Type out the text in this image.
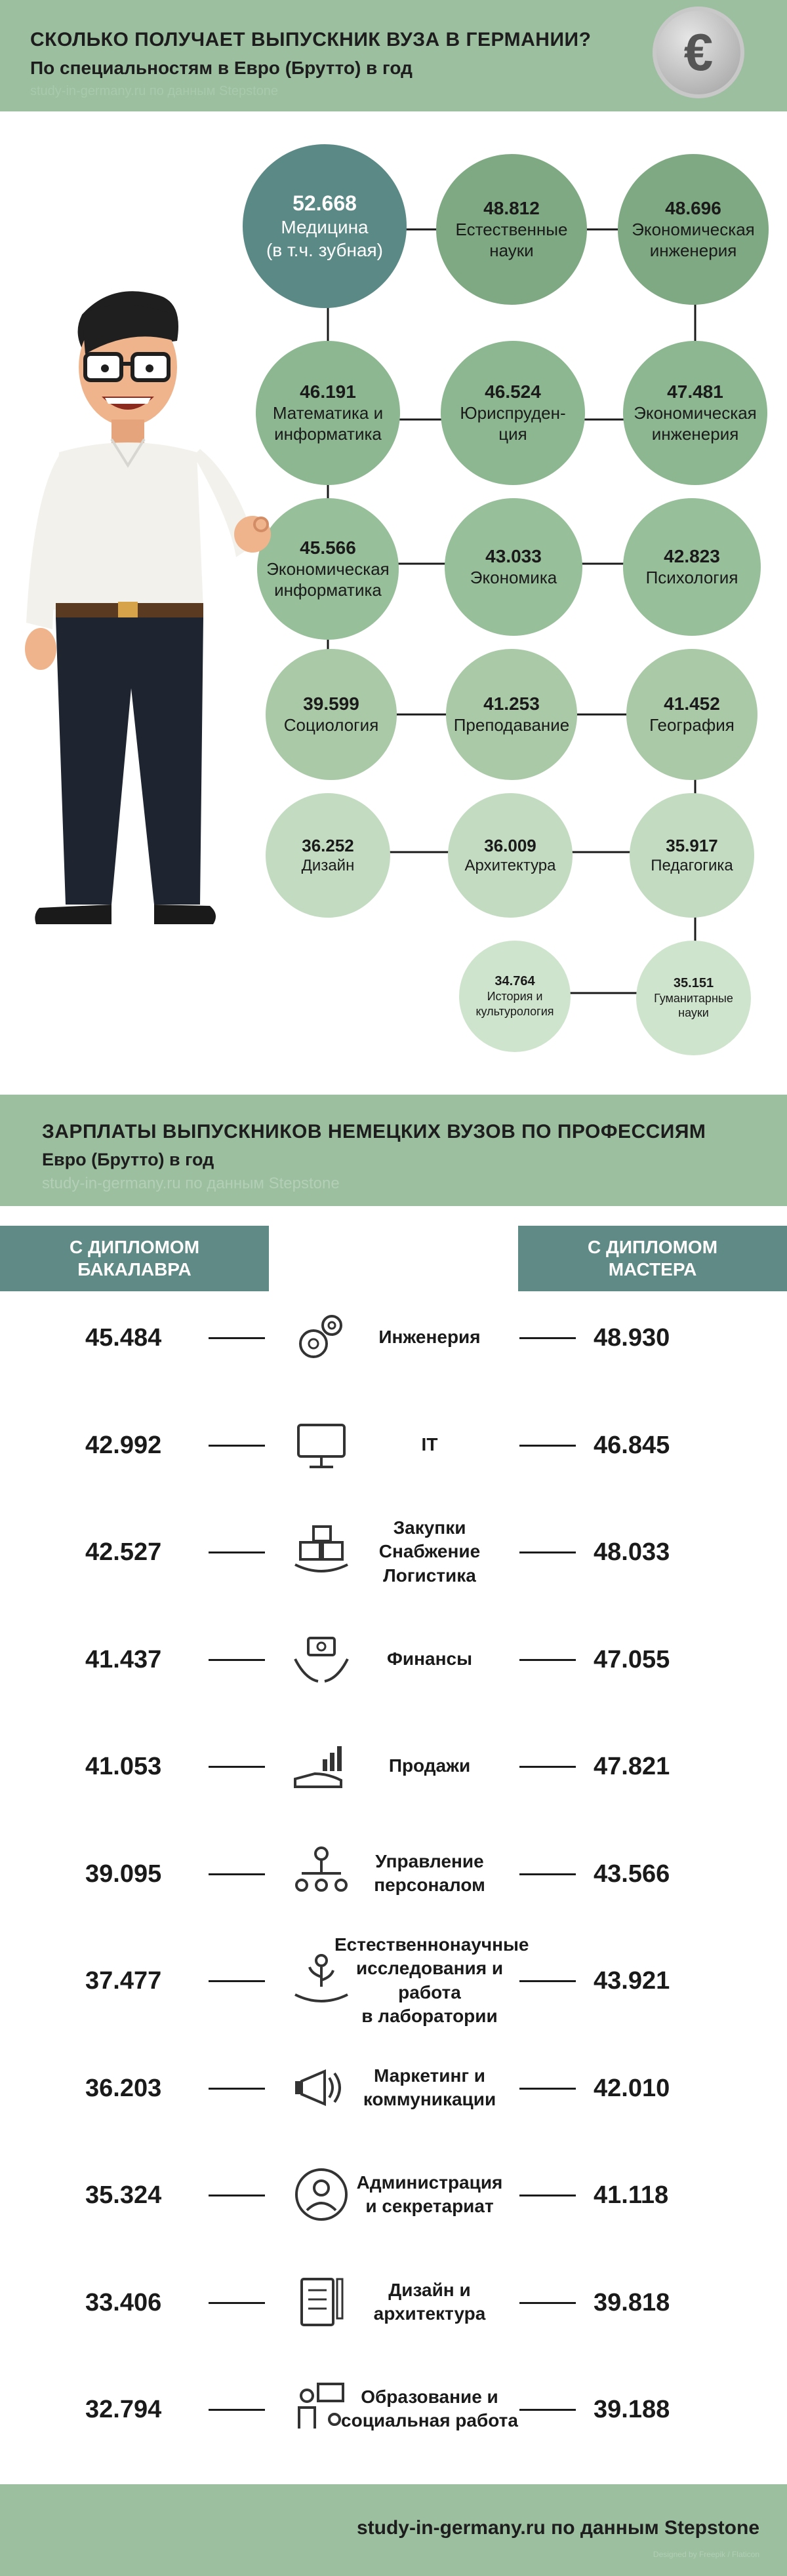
СКОЛЬКО ПОЛУЧАЕТ ВЫПУСКНИК ВУЗА В ГЕРМАНИИ?
По специальностям в Евро (Брутто) в год
study-in-germany.ru по данным Stepstone
€
52.668
Медицина
(в т.ч. зубная)
48.812
Естественные
науки
48.696
Экономическая
инженерия
46.191
Математика и
информатика
46.524
Юриспруден-
ция
47.481
Экономическая
инженерия
45.566
Экономическая
информатика
43.033
Экономика
42.823
Психология
39.599
Социология
41.253
Преподавание
41.452
География
36.252
Дизайн
36.009
Архитектура
35.917
Педагогика
34.764
История и
культурология
35.151
Гуманитарные
науки
ЗАРПЛАТЫ ВЫПУСКНИКОВ НЕМЕЦКИХ ВУЗОВ ПО ПРОФЕССИЯМ
Евро (Брутто) в год
study-in-germany.ru по данным Stepstone
С ДИПЛОМОМ
БАКАЛАВРА
С ДИПЛОМОМ
МАСТЕРА
45.484	Инженерия	48.930
42.992	IT	46.845
42.527
Закупки
Снабжение
Логистика
48.033
41.437	Финансы	47.055
41.053	Продажи	47.821
39.095	Управление
персоналом	43.566
37.477
Естественнонаучные
исследования и
работа
в лаборатории
43.921
36.203	Маркетинг и
коммуникации	42.010
35.324	Администрация
и секретариат	41.118
33.406	Дизайн и
архитектура	39.818
32.794	Образование и
социальная работа	39.188
study-in-germany.ru по данным Stepstone
Designed by Freepik / Flaticon
